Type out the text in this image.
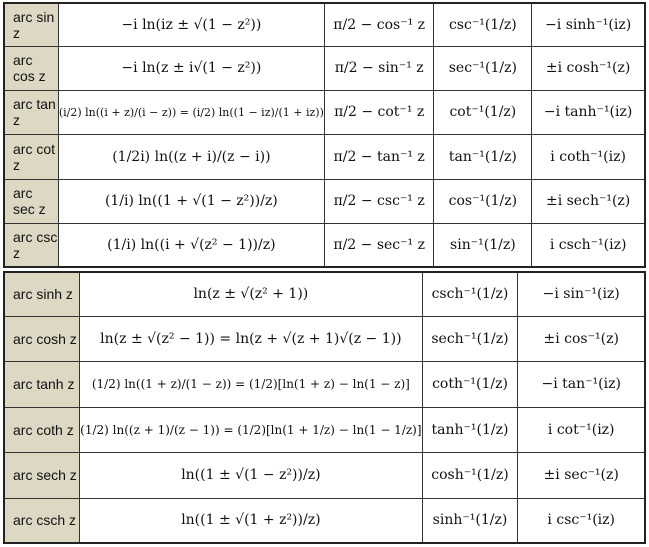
arc sin z	−i ln(iz ± √(1 − z²))	π/2 − cos⁻¹ z	csc⁻¹(1/z)	−i sinh⁻¹(iz)
arc cos z	−i ln(z ± i√(1 − z²))	π/2 − sin⁻¹ z	sec⁻¹(1/z)	±i cosh⁻¹(z)
arc tan z	(i/2) ln((i + z)/(i − z)) = (i/2) ln((1 − iz)/(1 + iz))	π/2 − cot⁻¹ z	cot⁻¹(1/z)	−i tanh⁻¹(iz)
arc cot z	(1/2i) ln((z + i)/(z − i))	π/2 − tan⁻¹ z	tan⁻¹(1/z)	i coth⁻¹(iz)
arc sec z	(1/i) ln((1 + √(1 − z²))/z)	π/2 − csc⁻¹ z	cos⁻¹(1/z)	±i sech⁻¹(z)
arc csc z	(1/i) ln((i + √(z² − 1))/z)	π/2 − sec⁻¹ z	sin⁻¹(1/z)	i csch⁻¹(iz)
arc sinh z	ln(z ± √(z² + 1))	csch⁻¹(1/z)	−i sin⁻¹(iz)
arc cosh z	ln(z ± √(z² − 1)) = ln(z + √(z + 1)√(z − 1))	sech⁻¹(1/z)	±i cos⁻¹(z)
arc tanh z	(1/2) ln((1 + z)/(1 − z)) = (1/2)[ln(1 + z) − ln(1 − z)]	coth⁻¹(1/z)	−i tan⁻¹(iz)
arc coth z	(1/2) ln((z + 1)/(z − 1)) = (1/2)[ln(1 + 1/z) − ln(1 − 1/z)]	tanh⁻¹(1/z)	i cot⁻¹(iz)
arc sech z	ln((1 ± √(1 − z²))/z)	cosh⁻¹(1/z)	±i sec⁻¹(z)
arc csch z	ln((1 ± √(1 + z²))/z)	sinh⁻¹(1/z)	i csc⁻¹(iz)
